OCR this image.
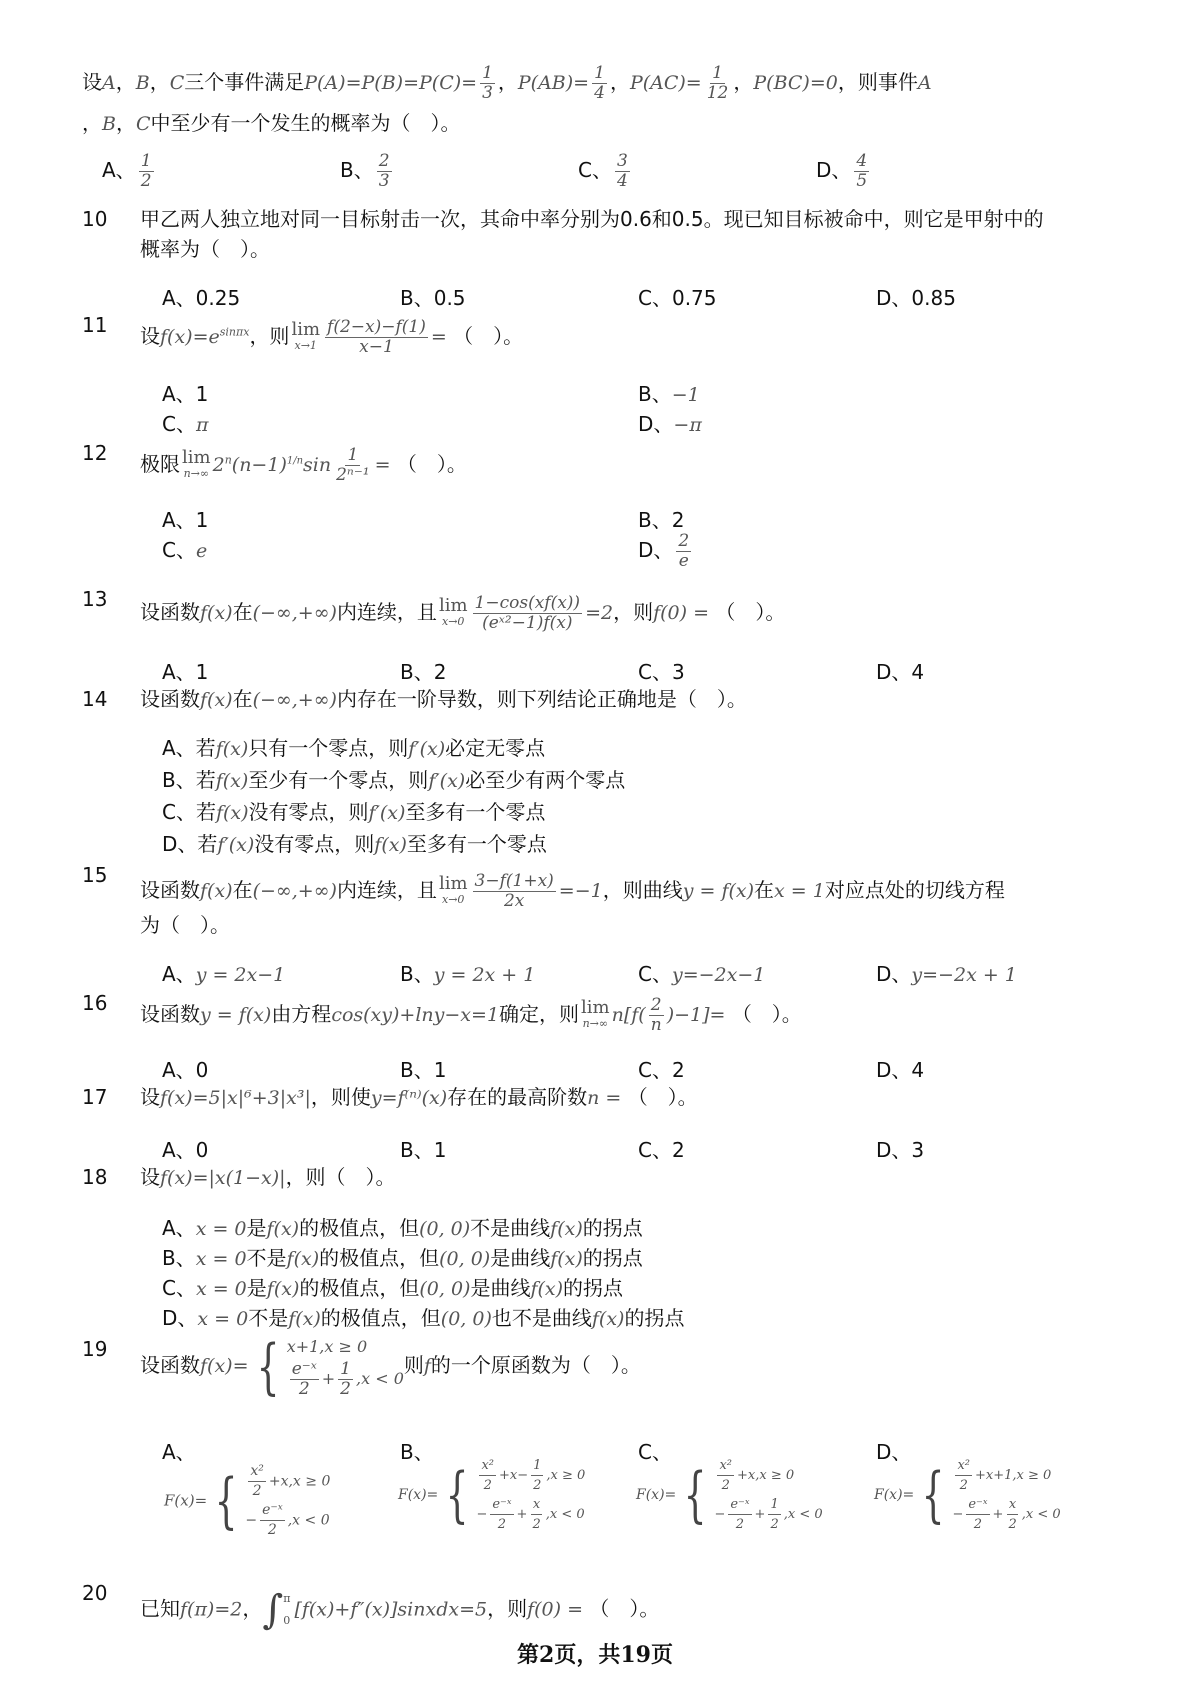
设A，B，C三个事件满足$P(A)=P(B)=P(C)= \frac{1}{3}$ ，$P(AB)= \frac{1}{4}$ ，$P(AC)= \frac{1}{12}$ ，P(BC)=0，则事件A
，B，C中至少有一个发生的概率为（　）。
A、 $\frac{1}{2}$	B、 $\frac{2}{3}$	C、 $\frac{3}{4}$	D、 $\frac{4}{5}$
10	甲乙两人独立地对同一目标射击一次，其命中率分别为0.6和0.5。现已知目标被命中，则它是甲射中的
概率为（　）。
A、0.25	B、0.5	C、0.75	D、0.85
11	设$f(x)=e^{sin\pi x}$，则 lim
$x\to 1 \frac{f(2-x)-f(1)}{x-1}$ = （　）。
A、1	B、−1
C、π	D、−π
12	极限 lim
n→∞ $2^n(n-1)^{1/n}\sin \frac{1}{\text{2ⁿ⁻¹}}$ = （　）。
A、1	B、2
C、e	D、 $\frac{2}{e}$
13
设函数f(x)在(−∞,+∞)内连续，且 lim
$x\to 0 \frac{1-\cos(xf(x))}{\text{(eˣ²−1)f(x)}} =2$，则f(0) = （　）。
A、1	B、2	C、3	D、4
14	设函数f(x)在(−∞,+∞)内存在一阶导数，则下列结论正确地是（　）。
A、若f(x)只有一个零点，则f′(x)必定无零点
B、若f(x)至少有一个零点，则f′(x)必至少有两个零点
C、若f(x)没有零点，则f′(x)至多有一个零点
D、若f′(x)没有零点，则f(x)至多有一个零点
15
设函数f(x)在(−∞,+∞)内连续，且 lim
$x\to 0 \frac{3-f(1+x)}{2x} =-1$，则曲线y = f(x)在x = 1对应点处的切线方程
为（　）。
A、y = 2x−1	B、y = 2x + 1	C、y=−2x−1	D、y=−2x + 1
16	设函数y = f(x)由方程cos(xy)+lny−x=1确定，则 lim
n→∞ $n[f( \frac{2}{n} )-1]=$ （　）。
A、0	B、1	C、2	D、4
17	设f(x)=5|x|⁶+3|x³|，则使y=f⁽ⁿ⁾(x)存在的最高阶数n = （　）。
A、0	B、1	C、2	D、3
18	设f(x)=|x(1−x)|，则（　）。
A、x = 0是f(x)的极值点，但(0, 0)不是曲线f(x)的拐点
B、x = 0不是f(x)的极值点，但(0, 0)是曲线f(x)的拐点
C、x = 0是f(x)的极值点，但(0, 0)是曲线f(x)的拐点
D、x = 0不是f(x)的极值点，但(0, 0)也不是曲线f(x)的拐点
19
设函数f(x)= { x+1,x ≥ 0
$\frac{\text{e⁻ˣ}}{2} + \frac{1}{2} ,x < 0$
则f的一个原函数为（　）。
A、	B、	C、	D、
F(x)= { $\frac{\text{x²}}{2} +x,x \ge 0$
− $\frac{\text{e⁻ˣ}}{2} ,x < 0$
F(x)= { $\frac{\text{x²}}{2} +x- \frac{1}{2} ,x \ge 0$
− $\frac{\text{e⁻ˣ}}{2} + \frac{x}{2} ,x < 0$
F(x)= { $\frac{\text{x²}}{2} +x,x \ge 0$
− $\frac{\text{e⁻ˣ}}{2} + \frac{1}{2} ,x < 0$
F(x)= { $\frac{\text{x²}}{2} +x+1,x \ge 0$
− $\frac{\text{e⁻ˣ}}{2} + \frac{x}{2} ,x < 0$
20
已知f(π)=2，∫ π
0 [f(x)+f″(x)]sinxdx=5，则f(0) = （　）。
第2页，共19页
